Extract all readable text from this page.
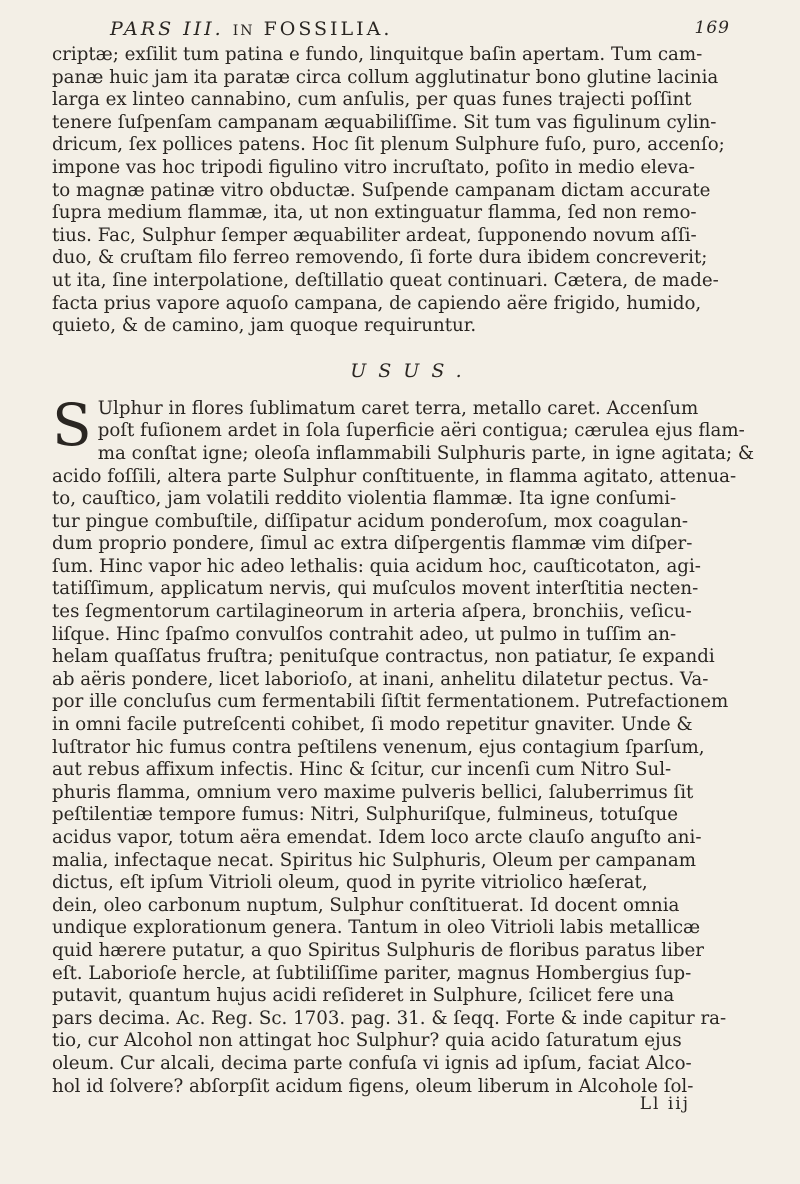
PARS III. IN FOSSILIA.	169
criptæ; exſilit tum patina e fundo, linquitque baſin apertam. Tum cam-
panæ huic jam ita paratæ circa collum agglutinatur bono glutine lacinia
larga ex linteo cannabino, cum anſulis, per quas funes trajecti poſſint
tenere ſuſpenſam campanam æquabiliſſime. Sit tum vas figulinum cylin-
dricum, ſex pollices patens. Hoc ſit plenum Sulphure fuſo, puro, accenſo;
impone vas hoc tripodi figulino vitro incruſtato, poſito in medio eleva-
to magnæ patinæ vitro obductæ. Suſpende campanam dictam accurate
ſupra medium flammæ, ita, ut non extinguatur flamma, ſed non remo-
tius. Fac, Sulphur ſemper æquabiliter ardeat, ſupponendo novum aſſi-
duo, & cruſtam filo ferreo removendo, ſi forte dura ibidem concreverit;
ut ita, ſine interpolatione, deſtillatio queat continuari. Cætera, de made-
facta prius vapore aquoſo campana, de capiendo aëre frigido, humido,
quieto, & de camino, jam quoque requiruntur.
USUS.
S Ulphur in flores ſublimatum caret terra, metallo caret. Accenſum
poſt fuſionem ardet in ſola ſuperficie aëri contigua; cærulea ejus flam-
ma conſtat igne; oleoſa inflammabili Sulphuris parte, in igne agitata; &
acido foſſili, altera parte Sulphur conſtituente, in flamma agitato, attenua-
to, cauſtico, jam volatili reddito violentia flammæ. Ita igne conſumi-
tur pingue combuſtile, diſſipatur acidum ponderoſum, mox coagulan-
dum proprio pondere, ſimul ac extra diſpergentis flammæ vim diſper-
ſum. Hinc vapor hic adeo lethalis: quia acidum hoc, cauſticotaton, agi-
tatiſſimum, applicatum nervis, qui muſculos movent interſtitia necten-
tes ſegmentorum cartilagineorum in arteria aſpera, bronchiis, veſicu-
liſque. Hinc ſpaſmo convulſos contrahit adeo, ut pulmo in tuſſim an-
helam quaſſatus fruſtra; penituſque contractus, non patiatur, ſe expandi
ab aëris pondere, licet laborioſo, at inani, anhelitu dilatetur pectus. Va-
por ille concluſus cum fermentabili ſiſtit fermentationem. Putrefactionem
in omni facile putreſcenti cohibet, ſi modo repetitur gnaviter. Unde &
luſtrator hic fumus contra peſtilens venenum, ejus contagium ſparſum,
aut rebus affixum infectis. Hinc & ſcitur, cur incenſi cum Nitro Sul-
phuris flamma, omnium vero maxime pulveris bellici, ſaluberrimus ſit
peſtilentiæ tempore fumus: Nitri, Sulphuriſque, fulmineus, totuſque
acidus vapor, totum aëra emendat. Idem loco arcte clauſo anguſto ani-
malia, infectaque necat. Spiritus hic Sulphuris, Oleum per campanam
dictus, eſt ipſum Vitrioli oleum, quod in pyrite vitriolico hæſerat,
dein, oleo carbonum nuptum, Sulphur conſtituerat. Id docent omnia
undique explorationum genera. Tantum in oleo Vitrioli labis metallicæ
quid hærere putatur, a quo Spiritus Sulphuris de floribus paratus liber
eſt. Laborioſe hercle, at ſubtiliſſime pariter, magnus Hombergius ſup-
putavit, quantum hujus acidi reſideret in Sulphure, ſcilicet fere una
pars decima. Ac. Reg. Sc. 1703. pag. 31. & ſeqq. Forte & inde capitur ra-
tio, cur Alcohol non attingat hoc Sulphur? quia acido ſaturatum ejus
oleum. Cur alcali, decima parte confuſa vi ignis ad ipſum, faciat Alco-
hol id ſolvere? abſorpſit acidum figens, oleum liberum in Alcohole ſol-
Ll iij
